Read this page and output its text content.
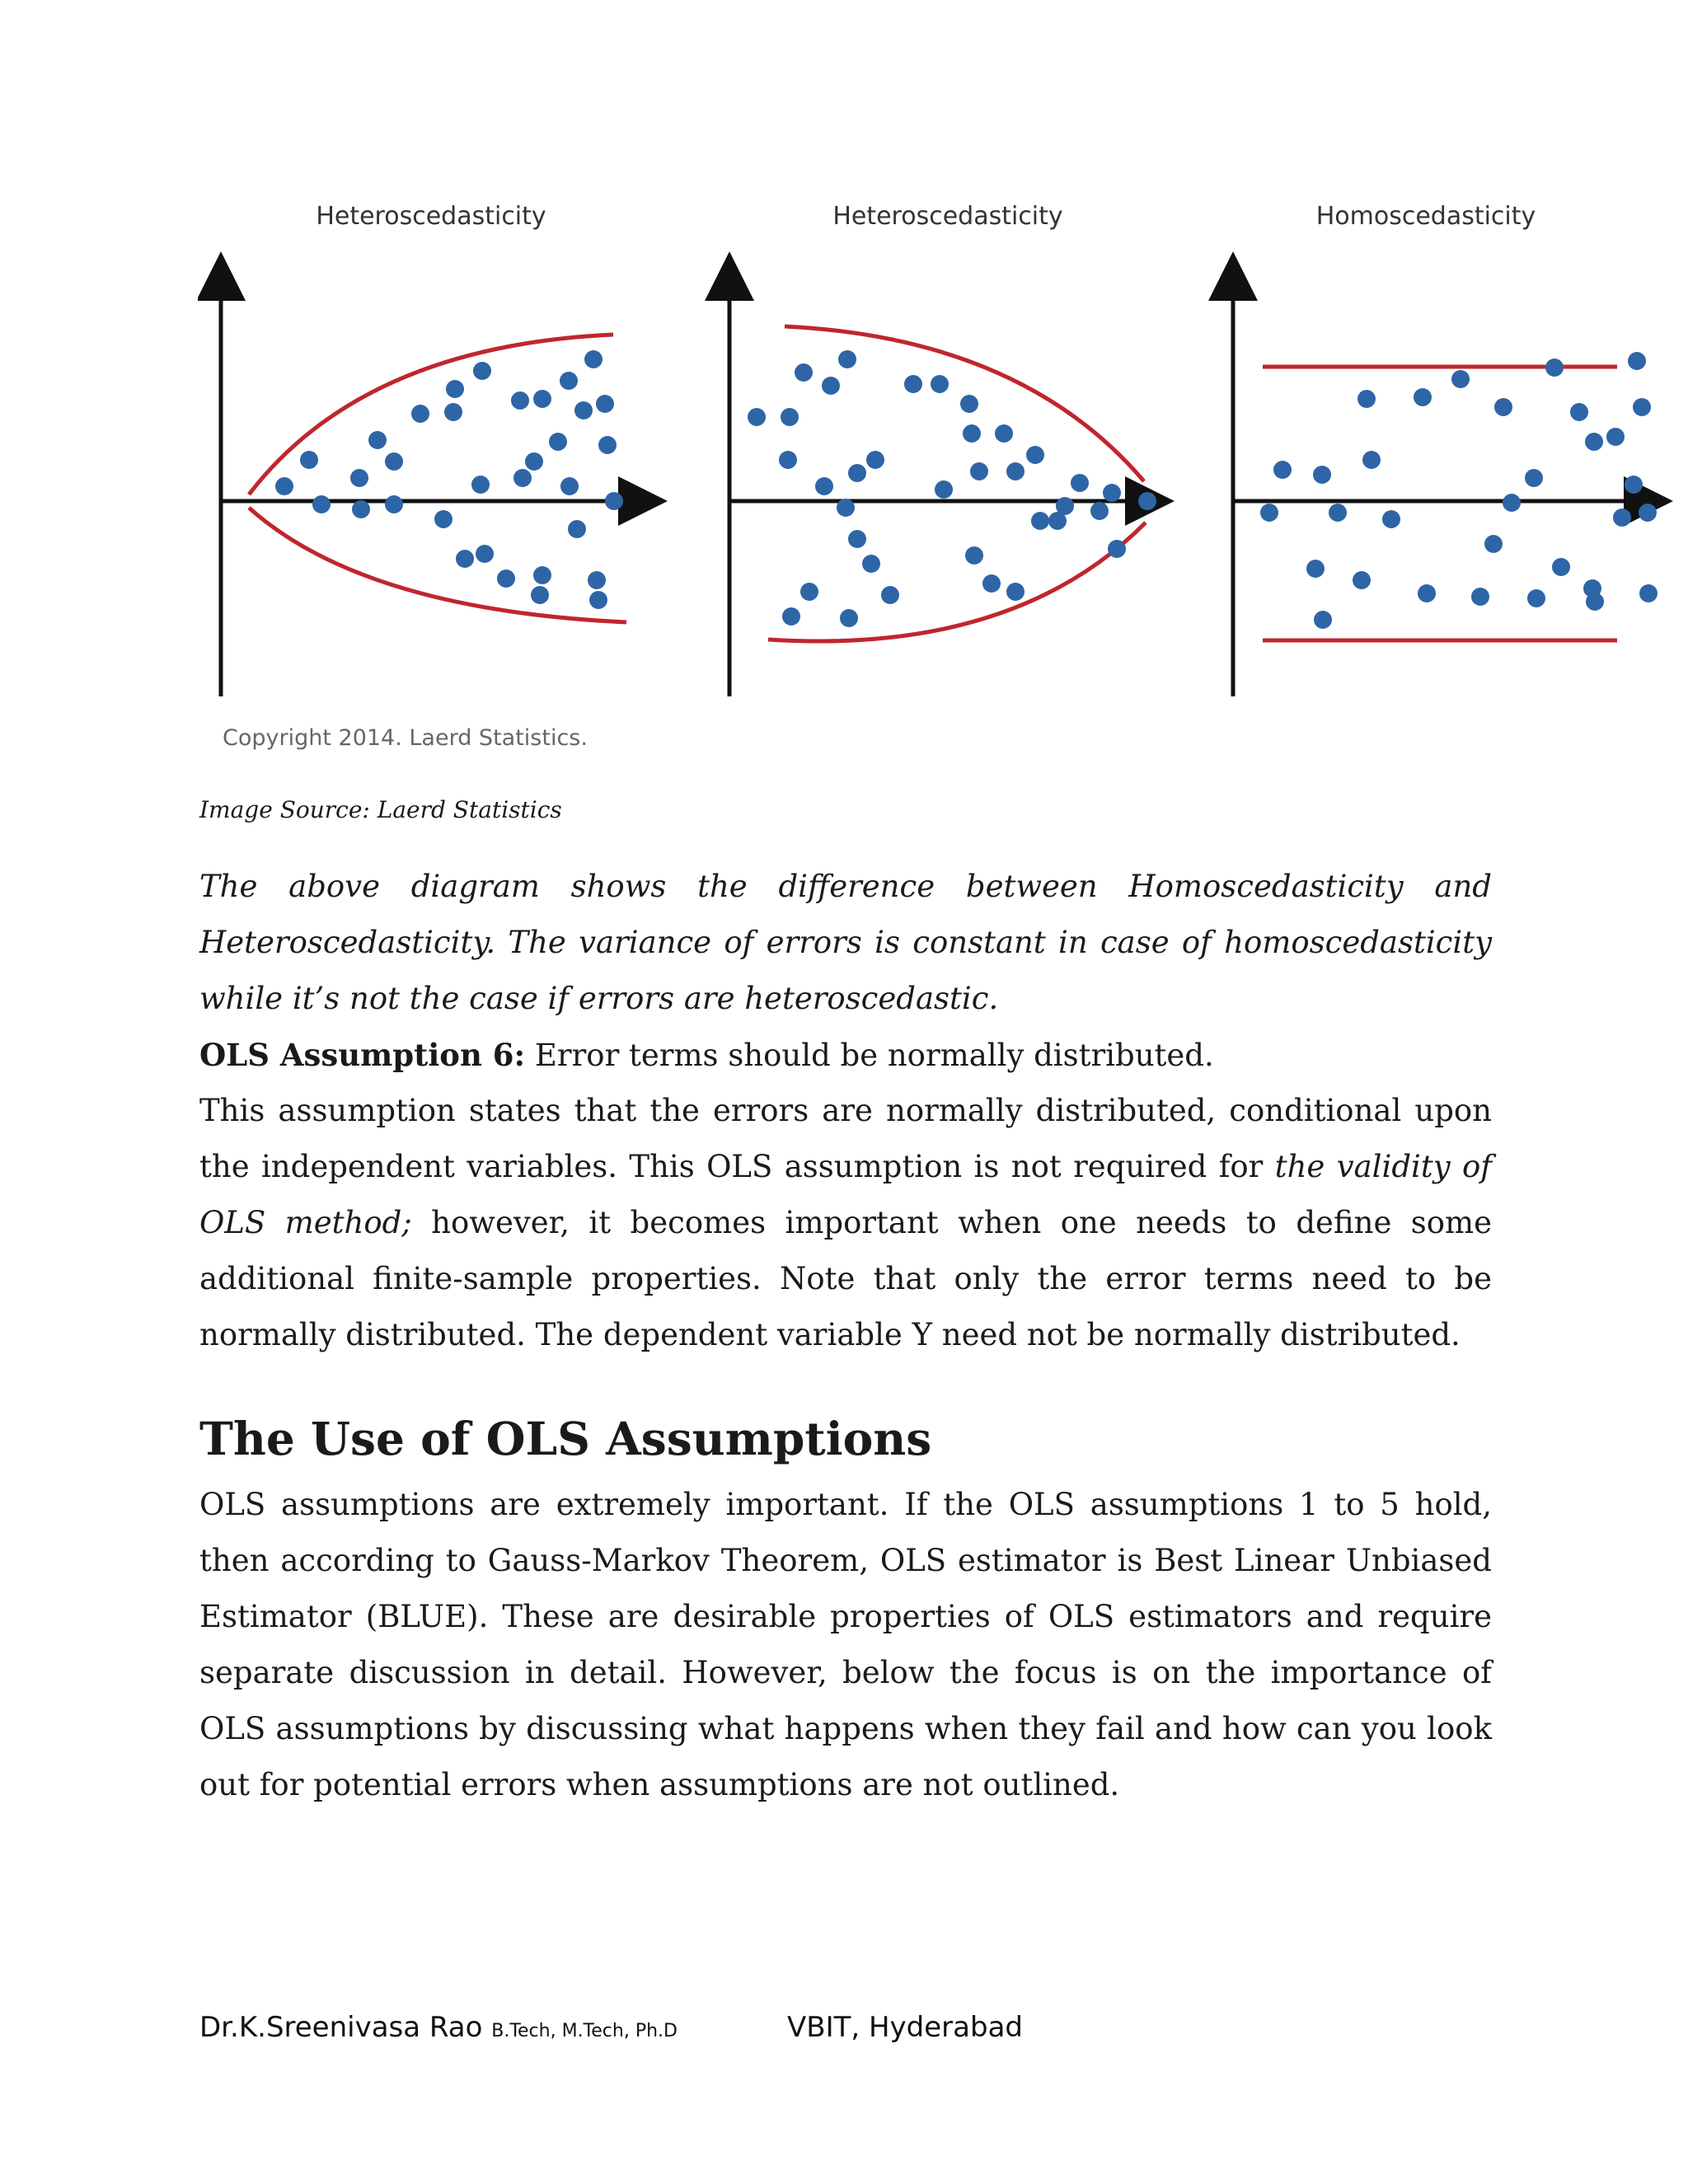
Heteroscedasticity	Heteroscedasticity	Homoscedasticity
Copyright 2014. Laerd Statistics.
Image Source: Laerd Statistics
The above diagram shows the difference between Homoscedasticity and Heteroscedasticity. The variance of errors is constant in case of homoscedasticity while it’s not the case if errors are heteroscedastic.
OLS Assumption 6: Error terms should be normally distributed.
This assumption states that the errors are normally distributed, conditional upon the independent variables. This OLS assumption is not required for the validity of OLS method; however, it becomes important when one needs to define some additional finite-sample properties. Note that only the error terms need to be normally distributed. The dependent variable Y need not be normally distributed.
The Use of OLS Assumptions
OLS assumptions are extremely important. If the OLS assumptions 1 to 5 hold, then according to Gauss-Markov Theorem, OLS estimator is Best Linear Unbiased Estimator (BLUE). These are desirable properties of OLS estimators and require separate discussion in detail. However, below the focus is on the importance of OLS assumptions by discussing what happens when they fail and how can you look out for potential errors when assumptions are not outlined.
Dr.K.Sreenivasa Rao B.Tech, M.Tech, Ph.D	VBIT, Hyderabad
